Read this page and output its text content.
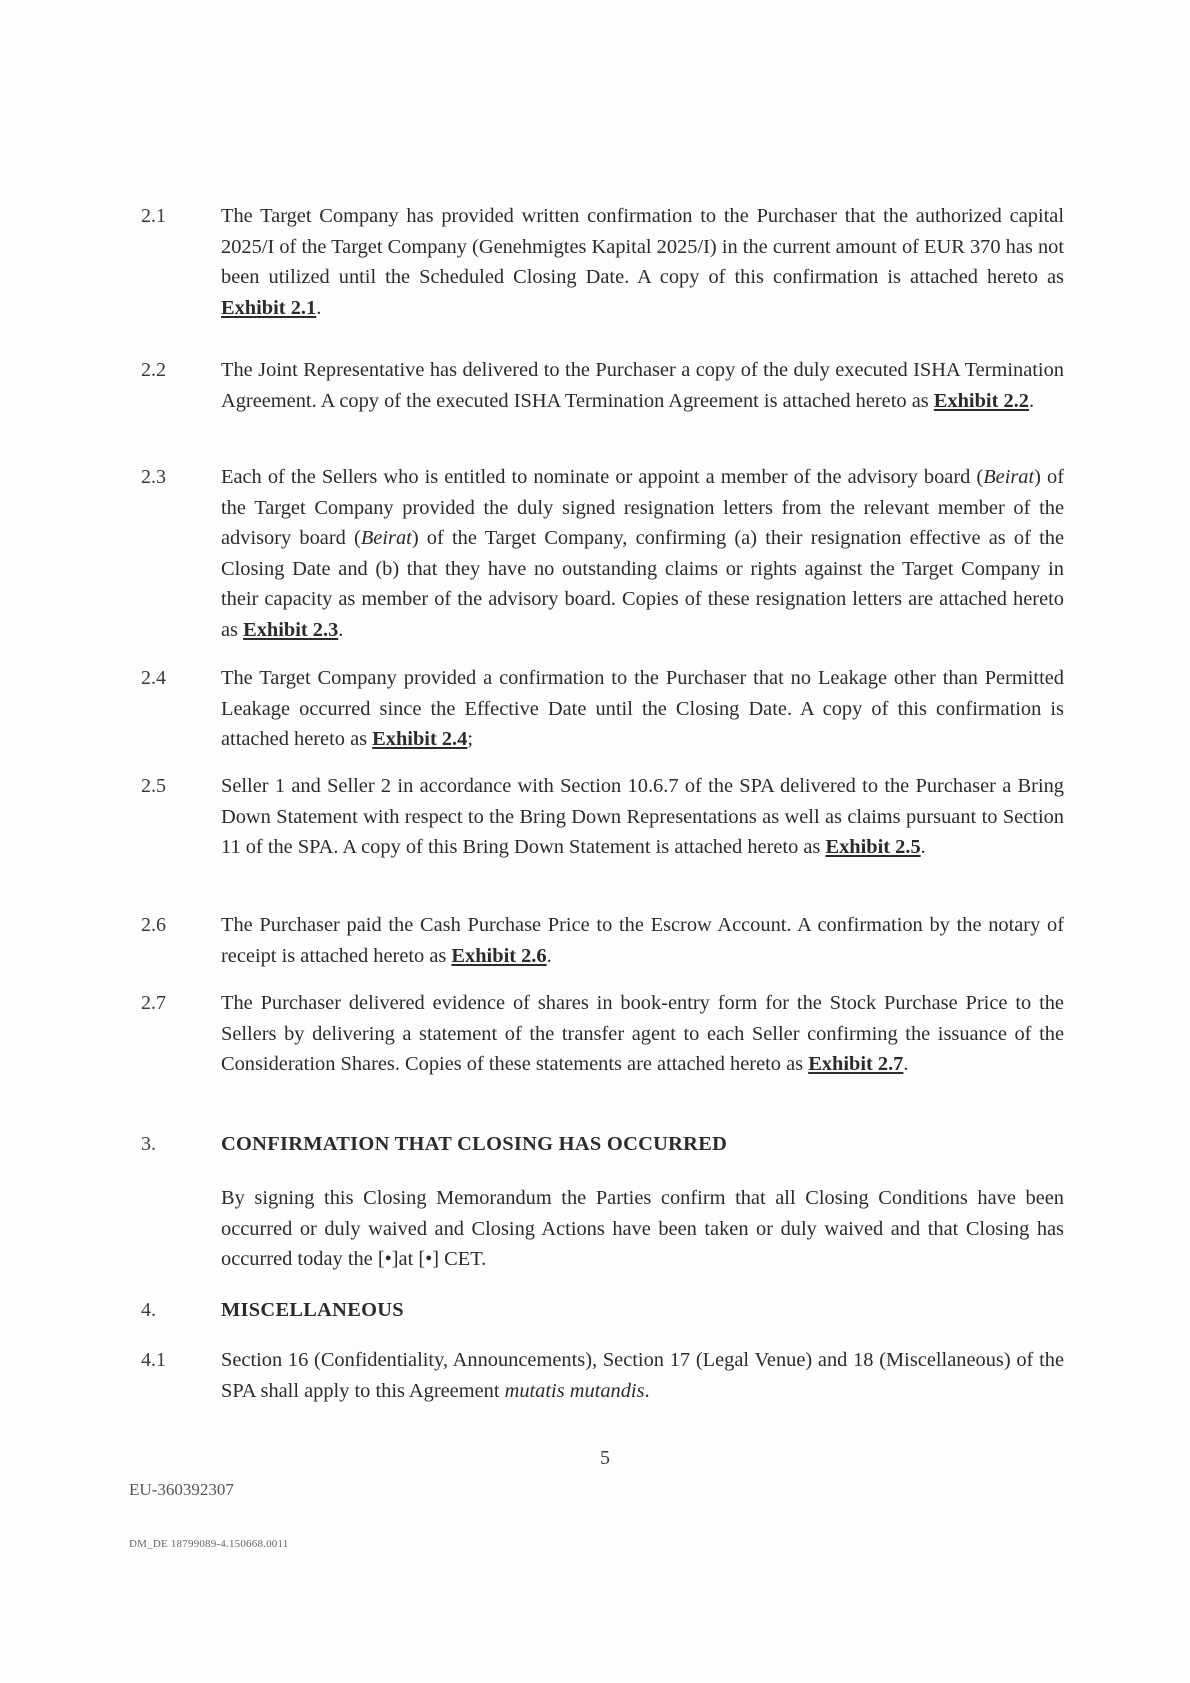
2.1	The Target Company has provided written confirmation to the Purchaser that the authorized capital 2025/I of the Target Company (Genehmigtes Kapital 2025/I) in the current amount of EUR 370 has not been utilized until the Scheduled Closing Date. A copy of this confirmation is attached hereto as Exhibit 2.1.
2.2	The Joint Representative has delivered to the Purchaser a copy of the duly executed ISHA Termination Agreement. A copy of the executed ISHA Termination Agreement is attached hereto as Exhibit 2.2.
2.3	Each of the Sellers who is entitled to nominate or appoint a member of the advisory board (Beirat) of the Target Company provided the duly signed resignation letters from the relevant member of the advisory board (Beirat) of the Target Company, confirming (a) their resignation effective as of the Closing Date and (b) that they have no outstanding claims or rights against the Target Company in their capacity as member of the advisory board. Copies of these resignation letters are attached hereto as Exhibit 2.3.
2.4	The Target Company provided a confirmation to the Purchaser that no Leakage other than Permitted Leakage occurred since the Effective Date until the Closing Date. A copy of this confirmation is attached hereto as Exhibit 2.4;
2.5	Seller 1 and Seller 2 in accordance with Section 10.6.7 of the SPA delivered to the Purchaser a Bring Down Statement with respect to the Bring Down Representations as well as claims pursuant to Section 11 of the SPA. A copy of this Bring Down Statement is attached hereto as Exhibit 2.5.
2.6	The Purchaser paid the Cash Purchase Price to the Escrow Account. A confirmation by the notary of receipt is attached hereto as Exhibit 2.6.
2.7	The Purchaser delivered evidence of shares in book-entry form for the Stock Purchase Price to the Sellers by delivering a statement of the transfer agent to each Seller confirming the issuance of the Consideration Shares. Copies of these statements are attached hereto as Exhibit 2.7.
3.	CONFIRMATION THAT CLOSING HAS OCCURRED
By signing this Closing Memorandum the Parties confirm that all Closing Conditions have been occurred or duly waived and Closing Actions have been taken or duly waived and that Closing has occurred today the [•]at [•] CET.
4.	MISCELLANEOUS
4.1	Section 16 (Confidentiality, Announcements), Section 17 (Legal Venue) and 18 (Miscellaneous) of the SPA shall apply to this Agreement mutatis mutandis.
5
EU-360392307
DM_DE 18799089-4.150668.0011
